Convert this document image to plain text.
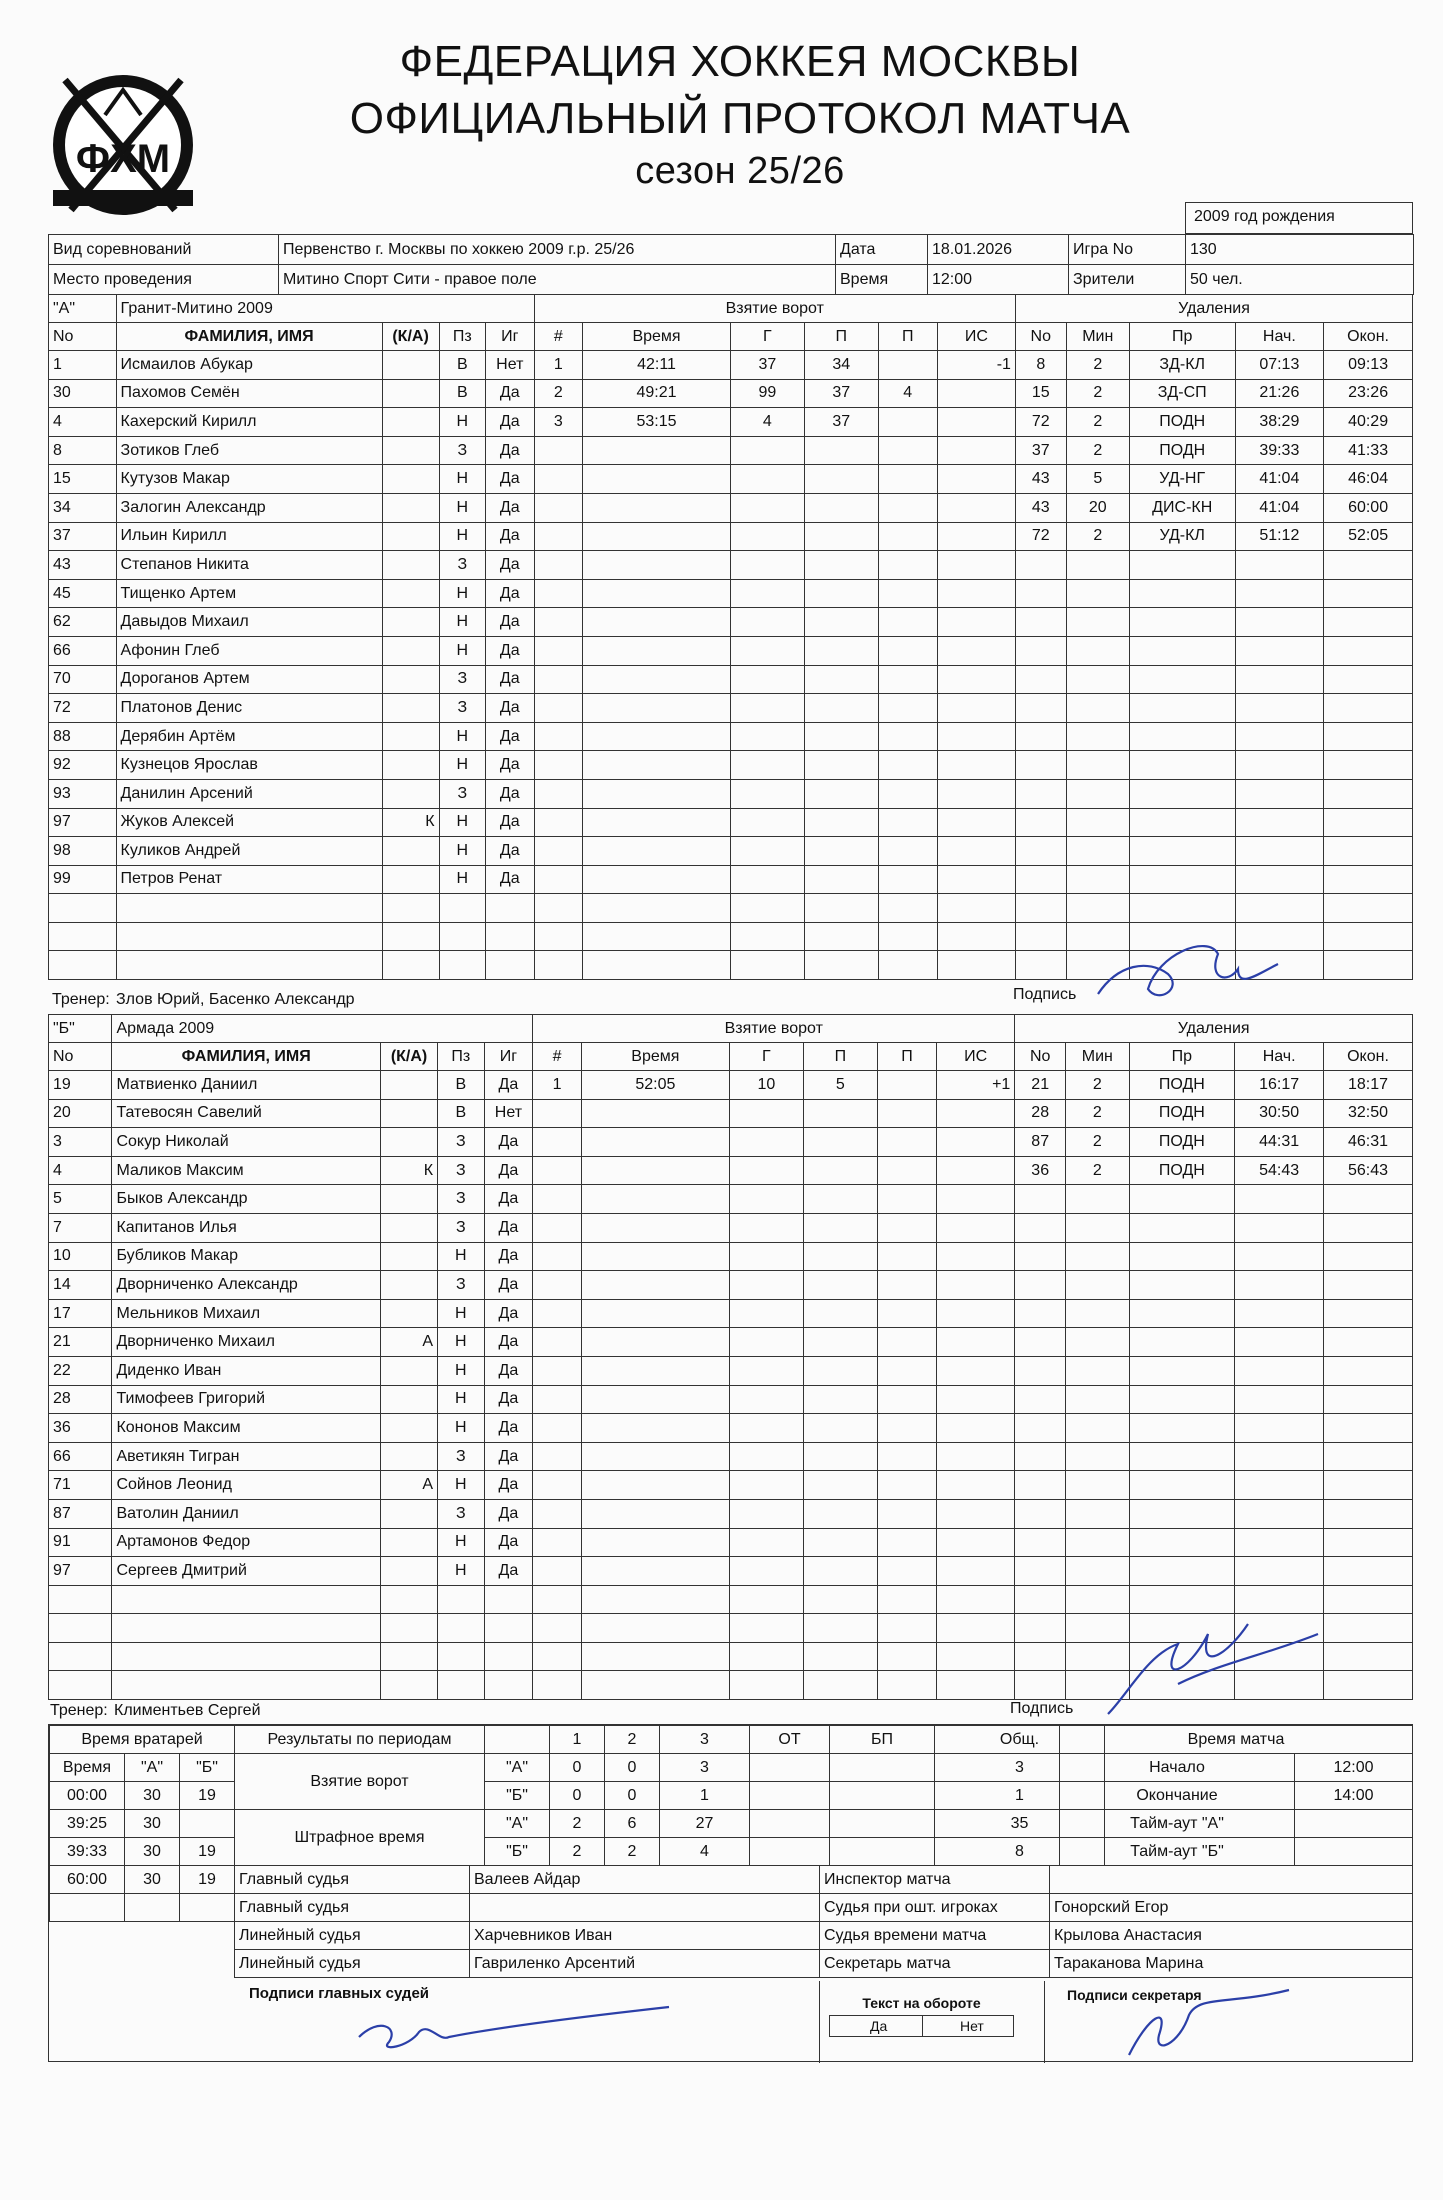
ФХМ
ФЕДЕРАЦИЯ ХОККЕЯ МОСКВЫ
ОФИЦИАЛЬНЫЙ ПРОТОКОЛ МАТЧА
сезон 25/26
2009 год рождения
Вид соревнований	Первенство г. Москвы по хоккею 2009 г.р. 25/26	Дата	18.01.2026	Игра No	130
Место проведения	Митино Спорт Сити - правое поле	Время	12:00	Зрители	50 чел.
"А"	Гранит-Митино 2009				Взятие ворот						Удаления				
No	ФАМИЛИЯ, ИМЯ	(К/А)	Пз	Иг	#	Время	Г	П	П	ИС	No	Мин	Пр	Нач.	Окон.
1	Исмаилов Абукар		В	Нет	1	42:11	37	34		-1	8	2	ЗД-КЛ	07:13	09:13
30	Пахомов Семён		В	Да	2	49:21	99	37	4		15	2	ЗД-СП	21:26	23:26
4	Кахерский Кирилл		Н	Да	3	53:15	4	37			72	2	ПОДН	38:29	40:29
8	Зотиков Глеб		З	Да							37	2	ПОДН	39:33	41:33
15	Кутузов Макар		Н	Да							43	5	УД-НГ	41:04	46:04
34	Залогин Александр		Н	Да							43	20	ДИС-КН	41:04	60:00
37	Ильин Кирилл		Н	Да							72	2	УД-КЛ	51:12	52:05
43	Степанов Никита		З	Да											
45	Тищенко Артем		Н	Да											
62	Давыдов Михаил		Н	Да											
66	Афонин Глеб		Н	Да											
70	Дороганов Артем		З	Да											
72	Платонов Денис		З	Да											
88	Дерябин Артём		Н	Да											
92	Кузнецов Ярослав		Н	Да											
93	Данилин Арсений		З	Да											
97	Жуков Алексей	К	Н	Да											
98	Куликов Андрей		Н	Да											
99	Петров Ренат		Н	Да											

Тренер: Злов Юрий, Басенко Александр	Подпись
"Б"	Армада 2009				Взятие ворот						Удаления				
No	ФАМИЛИЯ, ИМЯ	(К/А)	Пз	Иг	#	Время	Г	П	П	ИС	No	Мин	Пр	Нач.	Окон.
19	Матвиенко Даниил		В	Да	1	52:05	10	5		+1	21	2	ПОДН	16:17	18:17
20	Татевосян Савелий		В	Нет							28	2	ПОДН	30:50	32:50
3	Сокур Николай		З	Да							87	2	ПОДН	44:31	46:31
4	Маликов Максим	К	З	Да							36	2	ПОДН	54:43	56:43
5	Быков Александр		З	Да											
7	Капитанов Илья		З	Да											
10	Бубликов Макар		Н	Да											
14	Дворниченко Александр		З	Да											
17	Мельников Михаил		Н	Да											
21	Дворниченко Михаил	А	Н	Да											
22	Диденко Иван		Н	Да											
28	Тимофеев Григорий		Н	Да											
36	Кононов Максим		Н	Да											
66	Аветикян Тигран		З	Да											
71	Сойнов Леонид	А	Н	Да											
87	Ватолин Даниил		З	Да											
91	Артамонов Федор		Н	Да											
97	Сергеев Дмитрий		Н	Да											

Тренер: Климентьев Сергей	Подпись
Время вратарей		
Время	"А"	"Б"
00:00	30	19
39:25	30	
39:33	30	19
60:00	30	19

Результаты по периодам		1	2	3	ОТ	БП	Общ.
Взятие ворот	"А"	0	0	3			3
	"Б"	0	0	1			1
Штрафное время	"А"	2	6	27			35
	"Б"	2	2	4			8
Время матча	
Начало	12:00
Окончание	14:00
Тайм-аут "А"	
Тайм-аут "Б"	
Главный судья	Валеев Айдар	Инспектор матча	
Главный судья		Судья при ошт. игроках	Гонорский Егор
Линейный судья	Харчевников Иван	Судья времени матча	Крылова Анастасия
Линейный судья	Гавриленко Арсентий	Секретарь матча	Тараканова Марина
Подписи главных судей
Текст на обороте
Да	Нет
Подписи секретаря
